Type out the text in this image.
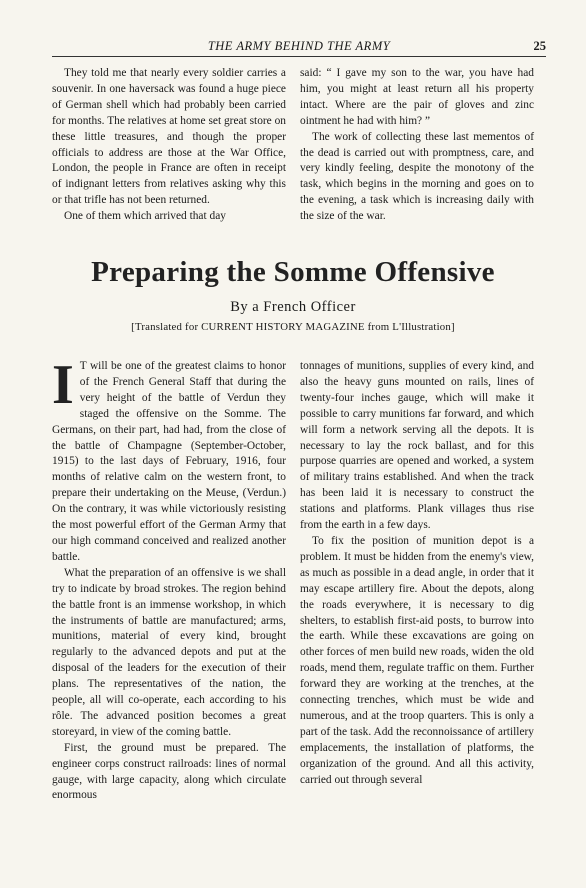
THE ARMY BEHIND THE ARMY	25

They told me that nearly every soldier carries a souvenir. In one haversack was found a huge piece of German shell which had probably been carried for months. The relatives at home set great store on these little treasures, and though the proper officials to address are those at the War Office, London, the people in France are often in receipt of indignant letters from relatives asking why this or that trifle has not been returned.

One of them which arrived that day

said: “ I gave my son to the war, you have had him, you might at least return all his property intact. Where are the pair of gloves and zinc ointment he had with him? ”

The work of collecting these last mementos of the dead is carried out with promptness, care, and very kindly feeling, despite the monotony of the task, which begins in the morning and goes on to the evening, a task which is increasing daily with the size of the war.

Preparing the Somme Offensive
By a French Officer
[Translated for CURRENT HISTORY MAGAZINE from L'Illustration]

I T will be one of the greatest claims to honor of the French General Staff that during the very height of the battle of Verdun they staged the offensive on the Somme. The Germans, on their part, had had, from the close of the battle of Champagne (September-October, 1915) to the last days of February, 1916, four months of relative calm on the western front, to prepare their undertaking on the Meuse, (Verdun.) On the contrary, it was while victoriously resisting the most powerful effort of the German Army that our high command conceived and realized another battle.

What the preparation of an offensive is we shall try to indicate by broad strokes. The region behind the battle front is an immense workshop, in which the instruments of battle are manufactured; arms, munitions, material of every kind, brought regularly to the advanced depots and put at the disposal of the leaders for the execution of their plans. The representatives of the nation, the people, all will co-operate, each according to his rôle. The advanced position becomes a great storeyard, in view of the coming battle.

First, the ground must be prepared. The engineer corps construct railroads: lines of normal gauge, with large capacity, along which circulate enormous

tonnages of munitions, supplies of every kind, and also the heavy guns mounted on rails, lines of twenty-four inches gauge, which will make it possible to carry munitions far forward, and which will form a network serving all the depots. It is necessary to lay the rock ballast, and for this purpose quarries are opened and worked, a system of military trains established. And when the track has been laid it is necessary to construct the stations and platforms. Plank villages thus rise from the earth in a few days.

To fix the position of munition depot is a problem. It must be hidden from the enemy's view, as much as possible in a dead angle, in order that it may escape artillery fire. About the depots, along the roads everywhere, it is necessary to dig shelters, to establish first-aid posts, to burrow into the earth. While these excavations are going on other forces of men build new roads, widen the old roads, mend them, regulate traffic on them. Further forward they are working at the trenches, at the connecting trenches, which must be wide and numerous, and at the troop quarters. This is only a part of the task. Add the reconnoissance of artillery emplacements, the installation of platforms, the organization of the ground. And all this activity, carried out through several
